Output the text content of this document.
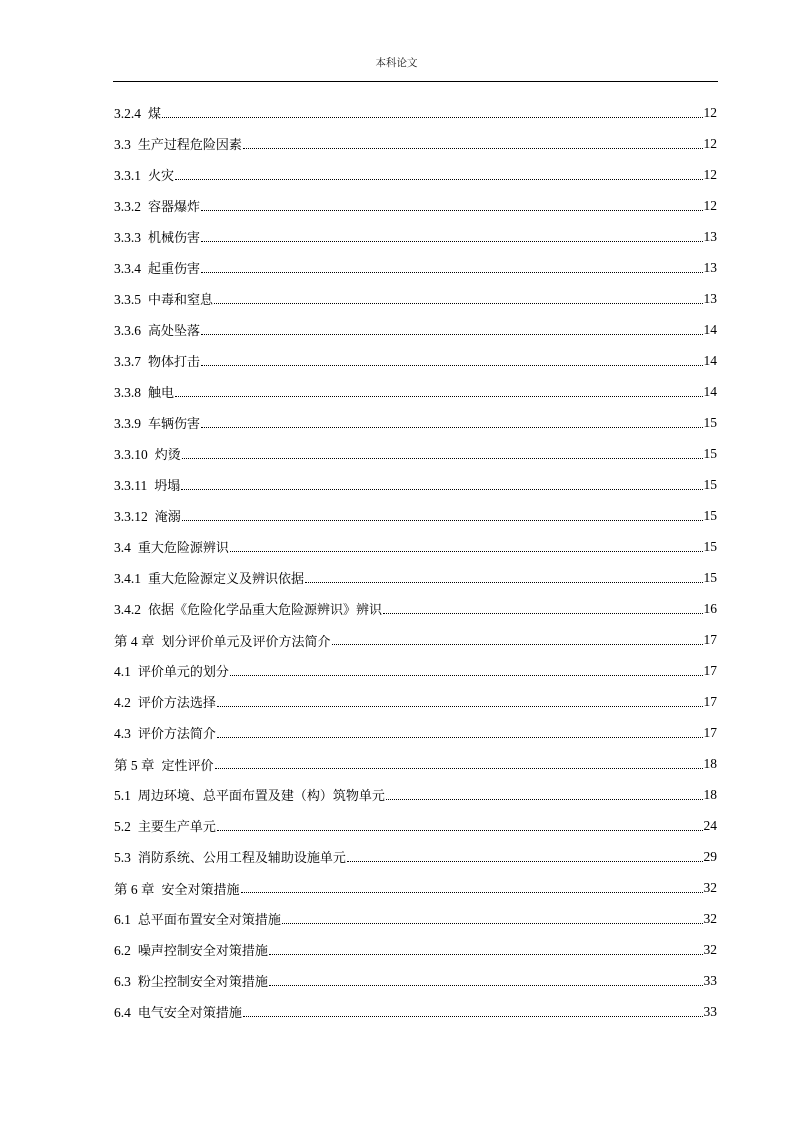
本科论文
3.2.4 煤	12
3.3 生产过程危险因素	12
3.3.1 火灾	12
3.3.2 容器爆炸	12
3.3.3 机械伤害	13
3.3.4 起重伤害	13
3.3.5 中毒和窒息	13
3.3.6 高处坠落	14
3.3.7 物体打击	14
3.3.8 触电	14
3.3.9 车辆伤害	15
3.3.10 灼烫	15
3.3.11 坍塌	15
3.3.12 淹溺	15
3.4 重大危险源辨识	15
3.4.1 重大危险源定义及辨识依据	15
3.4.2 依据《危险化学品重大危险源辨识》辨识	16
第 4 章 划分评价单元及评价方法简介	17
4.1 评价单元的划分	17
4.2 评价方法选择	17
4.3 评价方法简介	17
第 5 章 定性评价	18
5.1 周边环境、总平面布置及建（构）筑物单元	18
5.2 主要生产单元	24
5.3 消防系统、公用工程及辅助设施单元	29
第 6 章 安全对策措施	32
6.1 总平面布置安全对策措施	32
6.2 噪声控制安全对策措施	32
6.3 粉尘控制安全对策措施	33
6.4 电气安全对策措施	33
